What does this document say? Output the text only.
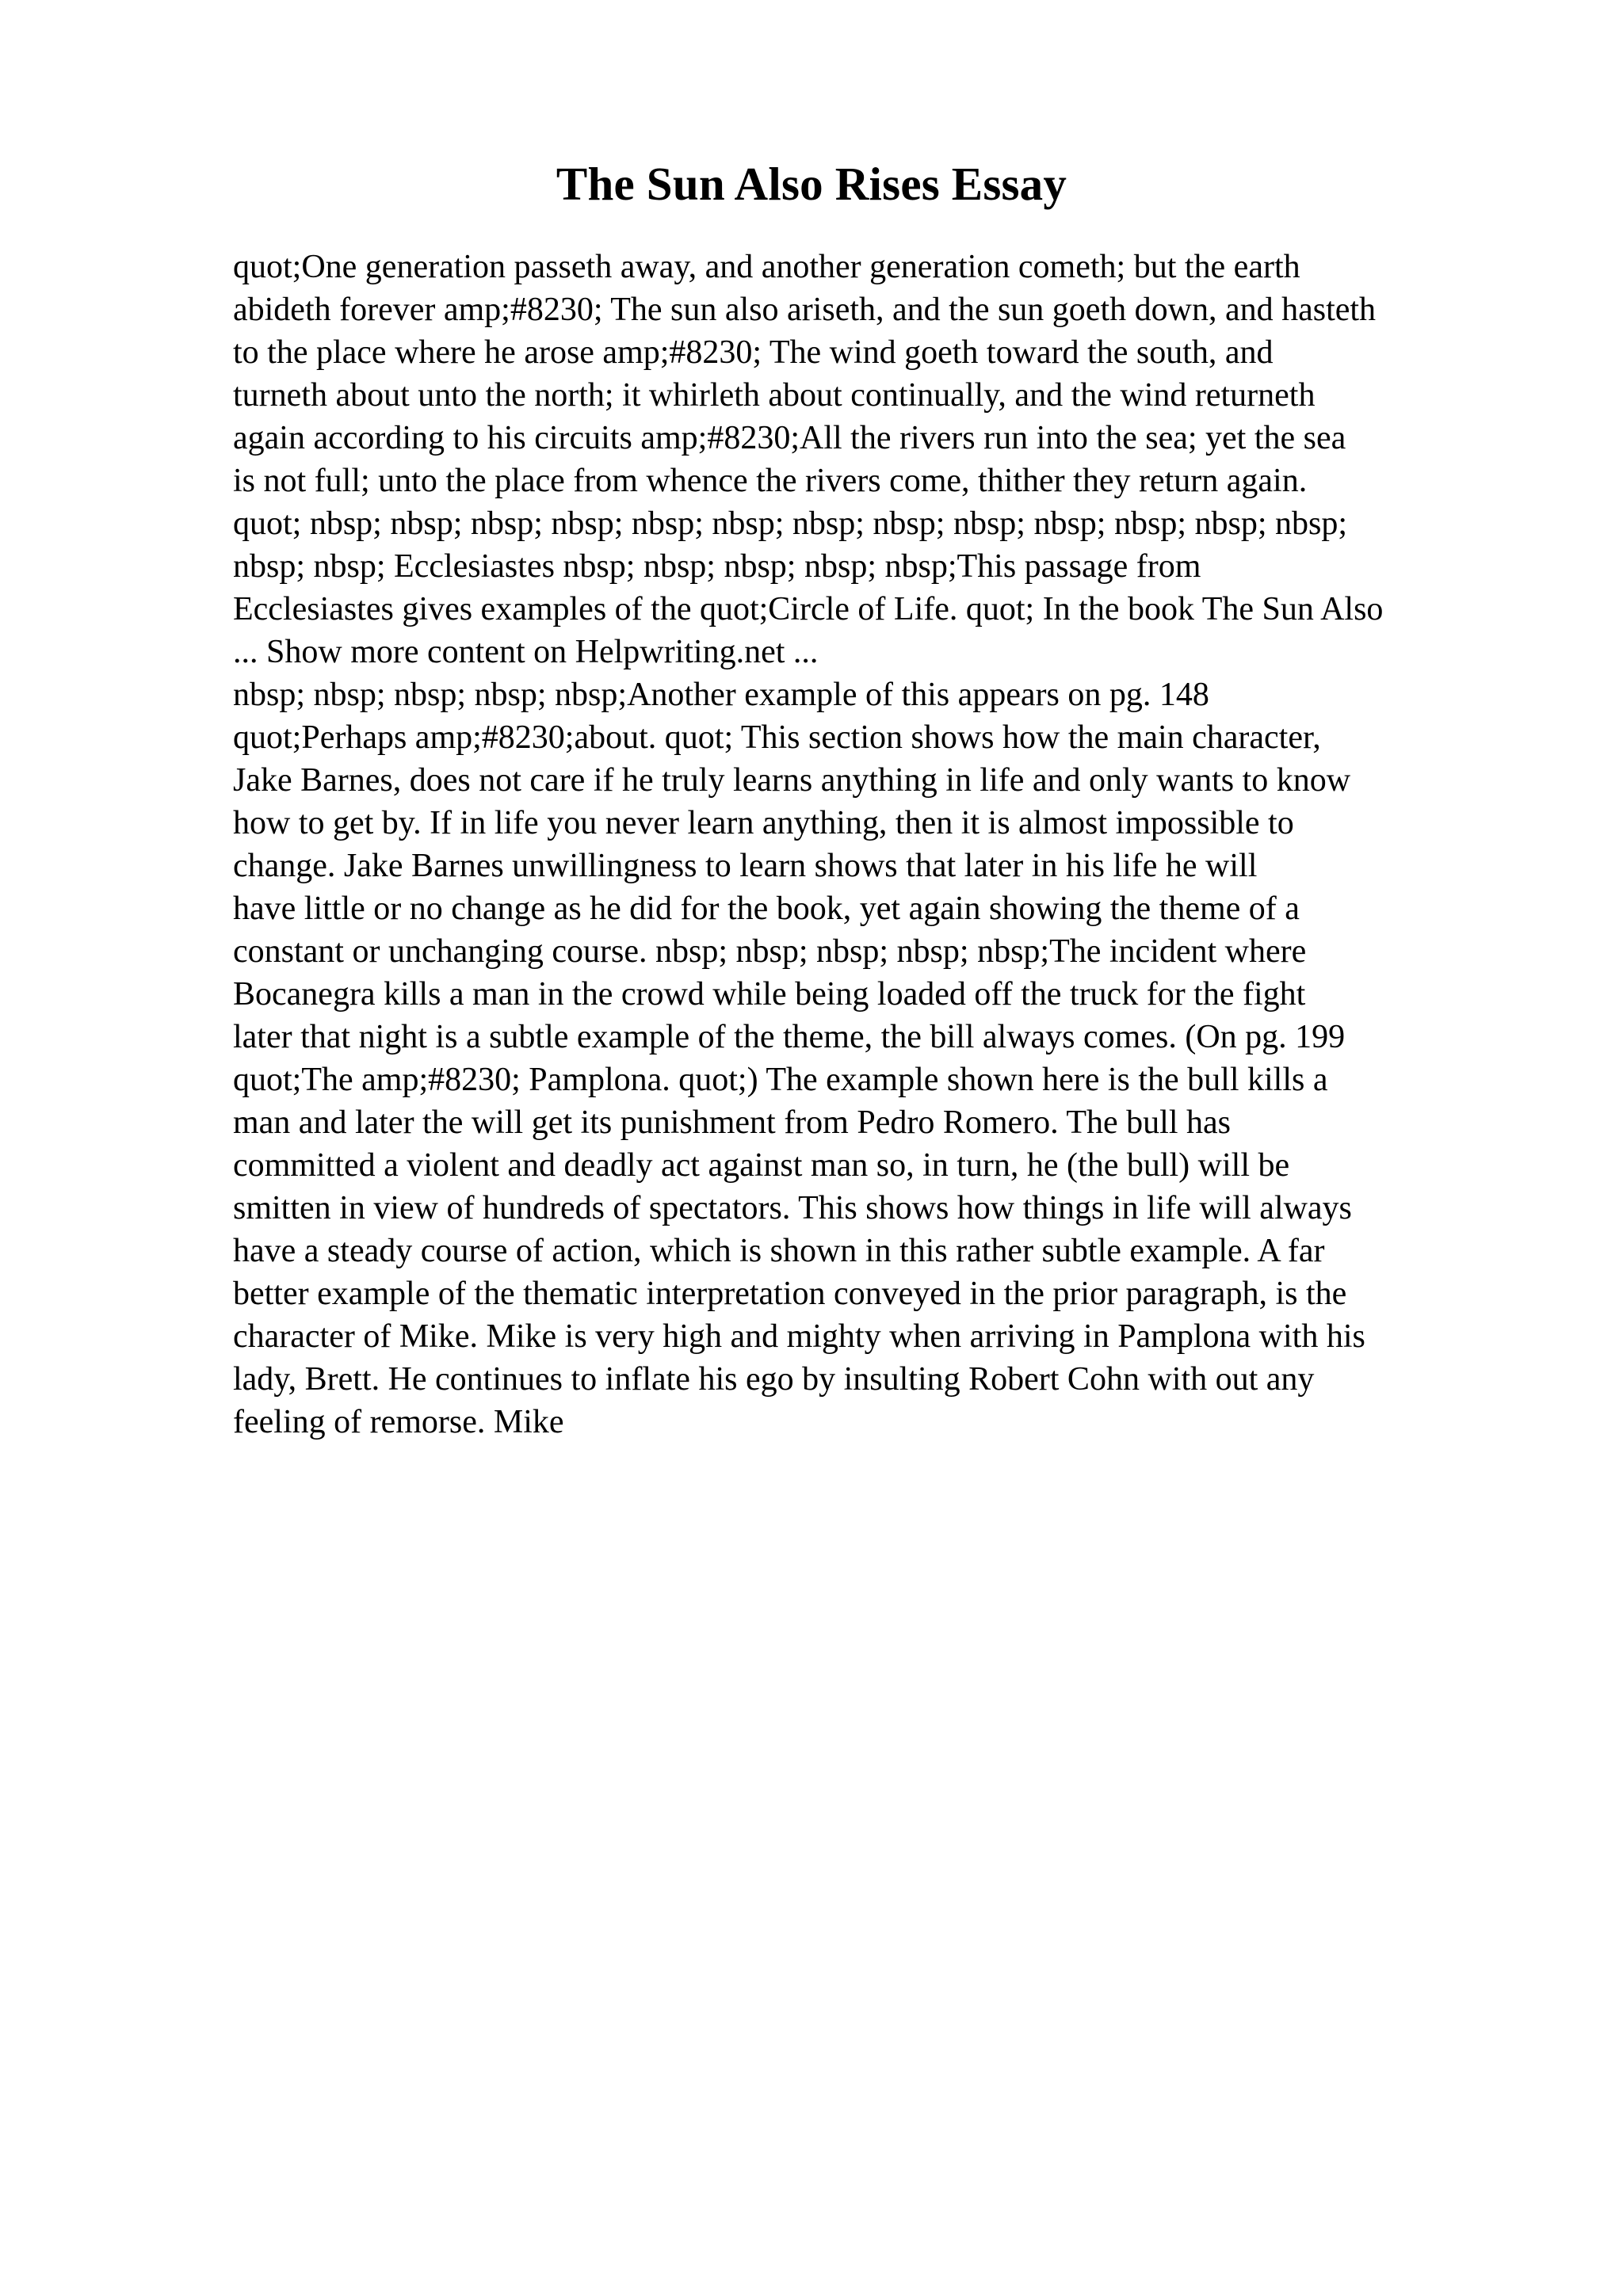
The Sun Also Rises Essay
quot;One generation passeth away, and another generation cometh; but the earth
abideth forever amp;#8230; The sun also ariseth, and the sun goeth down, and hasteth
to the place where he arose amp;#8230; The wind goeth toward the south, and
turneth about unto the north; it whirleth about continually, and the wind returneth
again according to his circuits amp;#8230;All the rivers run into the sea; yet the sea
is not full; unto the place from whence the rivers come, thither they return again.
quot; nbsp; nbsp; nbsp; nbsp; nbsp; nbsp; nbsp; nbsp; nbsp; nbsp; nbsp; nbsp; nbsp;
nbsp; nbsp; Ecclesiastes nbsp; nbsp; nbsp; nbsp; nbsp;This passage from
Ecclesiastes gives examples of the quot;Circle of Life. quot; In the book The Sun Also
... Show more content on Helpwriting.net ...
nbsp; nbsp; nbsp; nbsp; nbsp;Another example of this appears on pg. 148
quot;Perhaps amp;#8230;about. quot; This section shows how the main character,
Jake Barnes, does not care if he truly learns anything in life and only wants to know
how to get by. If in life you never learn anything, then it is almost impossible to
change. Jake Barnes unwillingness to learn shows that later in his life he will
have little or no change as he did for the book, yet again showing the theme of a
constant or unchanging course. nbsp; nbsp; nbsp; nbsp; nbsp;The incident where
Bocanegra kills a man in the crowd while being loaded off the truck for the fight
later that night is a subtle example of the theme, the bill always comes. (On pg. 199
quot;The amp;#8230; Pamplona. quot;) The example shown here is the bull kills a
man and later the will get its punishment from Pedro Romero. The bull has
committed a violent and deadly act against man so, in turn, he (the bull) will be
smitten in view of hundreds of spectators. This shows how things in life will always
have a steady course of action, which is shown in this rather subtle example. A far
better example of the thematic interpretation conveyed in the prior paragraph, is the
character of Mike. Mike is very high and mighty when arriving in Pamplona with his
lady, Brett. He continues to inflate his ego by insulting Robert Cohn with out any
feeling of remorse. Mike
